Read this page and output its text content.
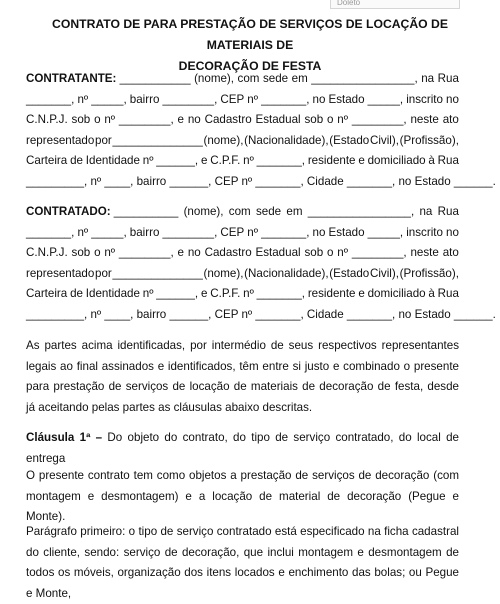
Doleto
CONTRATO DE PARA PRESTAÇÃO DE SERVIÇOS DE LOCAÇÃO DE MATERIAIS DE
DECORAÇÃO DE FESTA
CONTRATANTE: ___________ (nome), com sede em ________________, na Rua
_______, nº _____, bairro ________, CEP nº _______, no Estado _____, inscrito no
C.N.P.J. sob o nº ________, e no Cadastro Estadual sob o nº ________, neste ato
representado por ______________ (nome), (Nacionalidade), (Estado Civil), (Profissão),
Carteira de Identidade nº ______, e C.P.F. nº _______, residente e domiciliado à Rua
_________, nº ____, bairro ______, CEP nº _______, Cidade _______, no Estado ______.
CONTRATADO: __________ (nome), com sede em ________________, na Rua
_______, nº _____, bairro ________, CEP nº _______, no Estado _____, inscrito no
C.N.P.J. sob o nº ________, e no Cadastro Estadual sob o nº ________, neste ato
representado por ______________ (nome), (Nacionalidade), (Estado Civil), (Profissão),
Carteira de Identidade nº ______, e C.P.F. nº _______, residente e domiciliado à Rua
_________, nº ____, bairro ______, CEP nº _______, Cidade _______, no Estado ______.
As partes acima identificadas, por intermédio de seus respectivos representantes legais ao final assinados e identificados, têm entre si justo e combinado o presente para prestação de serviços de locação de materiais de decoração de festa, desde já aceitando pelas partes as cláusulas abaixo descritas.
Cláusula 1ª – Do objeto do contrato, do tipo de serviço contratado, do local de entrega
O presente contrato tem como objetos a prestação de serviços de decoração (com montagem e desmontagem) e a locação de material de decoração (Pegue e Monte).
Parágrafo primeiro: o tipo de serviço contratado está especificado na ficha cadastral do cliente, sendo: serviço de decoração, que inclui montagem e desmontagem de todos os móveis, organização dos itens locados e enchimento das bolas; ou Pegue e Monte,
